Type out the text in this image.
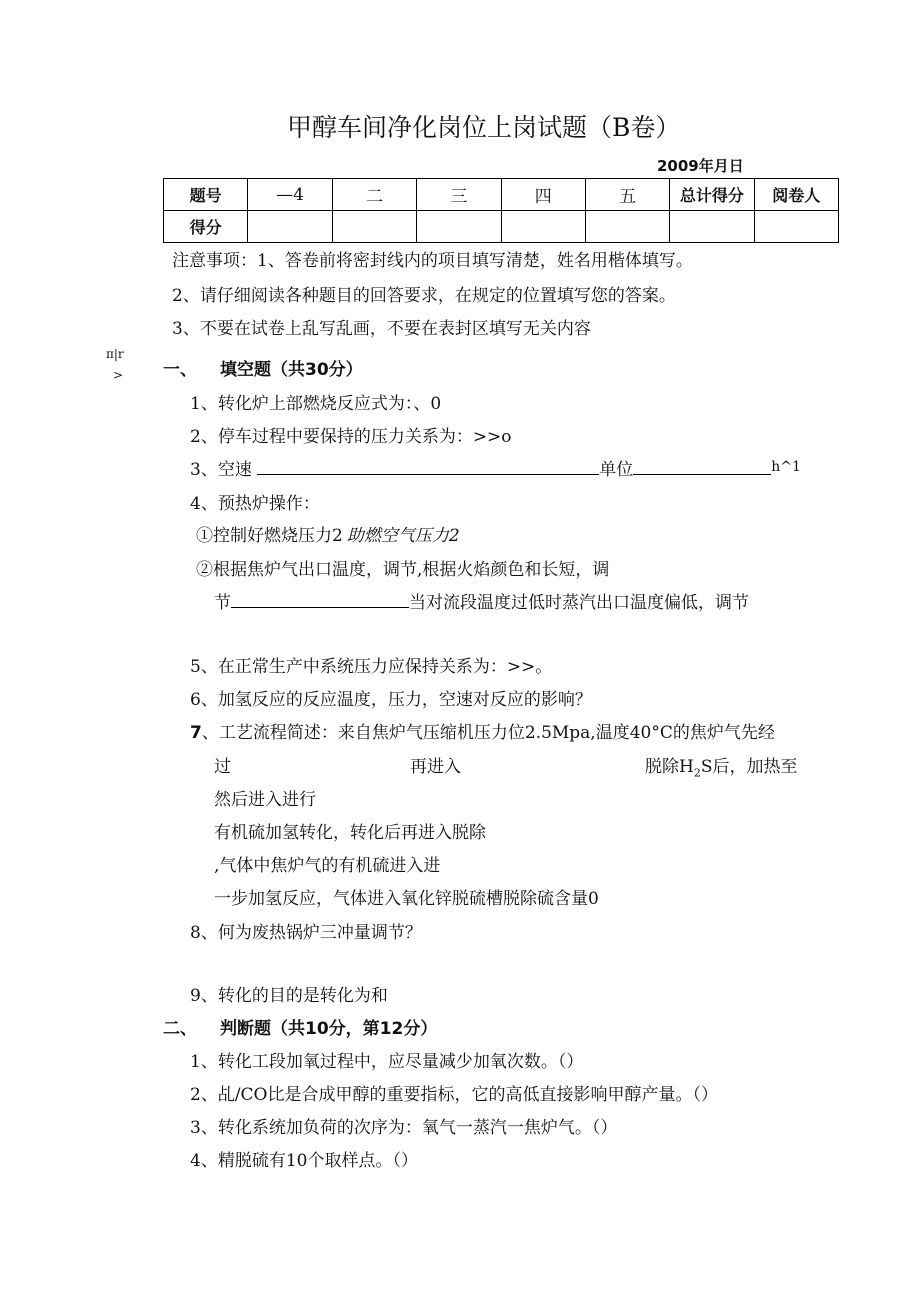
甲醇车间净化岗位上岗试题（B卷）
2009年月日
题号	—4	二	三	四	五	总计得分	阅卷人
得分							
注意事项：1、答卷前将密封线内的项目填写清楚，姓名用楷体填写。
2、请仔细阅读各种题目的回答要求，在规定的位置填写您的答案。
3、不要在试卷上乱写乱画，不要在表封区填写无关内容
π|r
> 一、 填空题（共30分）
1、转化炉上部燃烧反应式为：、0
2、停车过程中要保持的压力关系为：>>o
3、空速	单位	$^{h\^{}1}$
4、预热炉操作：
①控制好燃烧压力2 助燃空气压力2
②根据焦炉气出口温度，调节,根据火焰颜色和长短，调
节	当对流段温度过低时蒸汽出口温度偏低，调节
5、在正常生产中系统压力应保持关系为：>>。
6、加氢反应的反应温度，压力，空速对反应的影响？
7、工艺流程简述：来自焦炉气压缩机压力位2.5Mpa,温度40°C的焦炉气先经
过	再进入	脱除$H_2S$后，加热至
然后进入进行
有机硫加氢转化，转化后再进入脱除
,气体中焦炉气的有机硫进入进
一步加氢反应，气体进入氧化锌脱硫槽脱除硫含量0
8、何为废热锅炉三冲量调节？
9、转化的目的是转化为和
二、 判断题（共10分，第12分）
1、转化工段加氧过程中，应尽量减少加氧次数。（）
2、乩/CO比是合成甲醇的重要指标，它的高低直接影响甲醇产量。（）
3、转化系统加负荷的次序为：氧气一蒸汽一焦炉气。（）
4、精脱硫有10个取样点。（）
